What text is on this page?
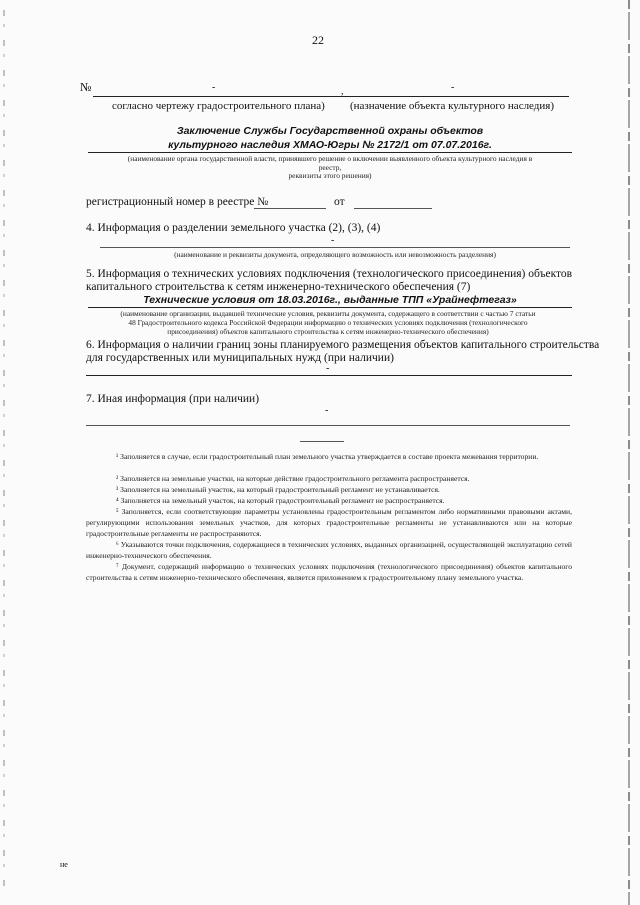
22
№	-	,	-
согласно чертежу градостроительного плана) (назначение объекта культурного наследия)
Заключение Службы Государственной охраны объектов
культурного наследия ХМАО-Югры № 2172/1 от 07.07.2016г.
(наименование органа государственной власти, принявшего решение о включении выявленного объекта культурного наследия в
реестр,
реквизиты этого решения)
регистрационный номер в реестре №	от
4. Информация о разделении земельного участка (2), (3), (4)
-
(наименование и реквизиты документа, определяющего возможность или невозможность разделения)
5. Информация о технических условиях подключения (технологического присоединения) объектов
капитального строительства к сетям инженерно-технического обеспечения (7)
Технические условия от 18.03.2016г., выданные ТПП «Урайнефтегаз»
(наименование организации, выдавшей технические условия, реквизиты документа, содержащего в соответствии с частью 7 статьи
48 Градостроительного кодекса Российской Федерации информацию о технических условиях подключения (технологического
присоединения) объектов капитального строительства к сетям инженерно-технического обеспечения)
6. Информация о наличии границ зоны планируемого размещения объектов капитального строительства
для государственных или муниципальных нужд (при наличии)
-
7. Иная информация (при наличии)
-
¹ Заполняется в случае, если градостроительный план земельного участка утверждается в составе проекта межевания территории.
² Заполняется на земельные участки, на которые действие градостроительного регламента распространяется.
³ Заполняется на земельный участок, на который градостроительный регламент не устанавливается.
⁴ Заполняется на земельный участок, на который градостроительный регламент не распространяется.
⁵ Заполняется, если соответствующие параметры установлены градостроительным регламентом либо нормативными правовыми актами, регулирующими использования земельных участков, для которых градостроительные регламенты не устанавливаются или на которые градостроительные регламенты не распространяются.
⁶ Указываются точки подключения, содержащиеся в технических условиях, выданных организацией, осуществляющей эксплуатацию сетей инженерно-технического обеспечения.
⁷ Документ, содержащий информацию о технических условиях подключения (технологического присоединения) объектов капитального строительства к сетям инженерно-технического обеспечения, является приложением к градостроительному плану земельного участка.
не
